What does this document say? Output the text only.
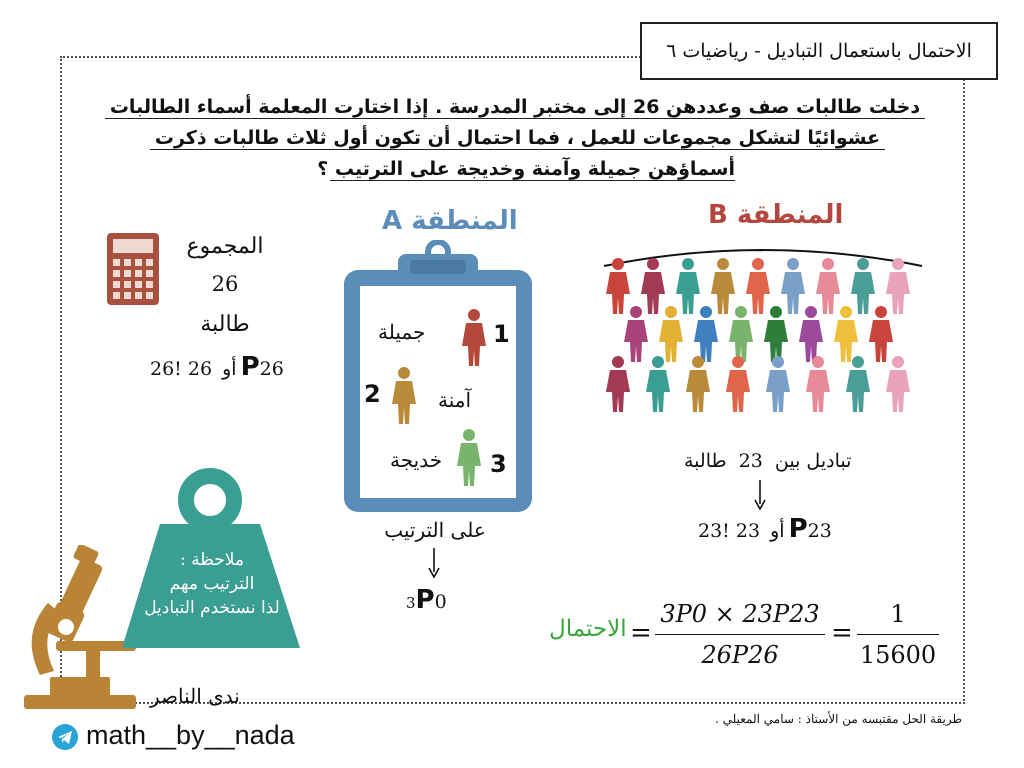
الاحتمال باستعمال التباديل - رياضيات ٦
دخلت طالبات صف وعددهن 26 إلى مختبر المدرسة . إذا اختارت المعلمة أسماء الطالبات
عشوائيًا لتشكل مجموعات للعمل ، فما احتمال أن تكون أول ثلاث طالبات ذكرت
أسماؤهن جميلة وآمنة وخديجة على الترتيب ؟
المجموع
26
طالبة
26! أو 26 P26
المنطقة A
1
جميلة
2	آمنة
3
خديجة
على الترتيب
3P0
المنطقة B
تباديل بين 23 طالبة
23! أو 23 P23
ملاحظة :
الترتيب مهم
لذا نستخدم التباديل
ندى الناصر
math__by__nada
الاحتمال =
3P0 × 23P23
26P26
=
1
15600
طريقة الحل مقتبسه من الأستاذ : سامي المعيلي .
